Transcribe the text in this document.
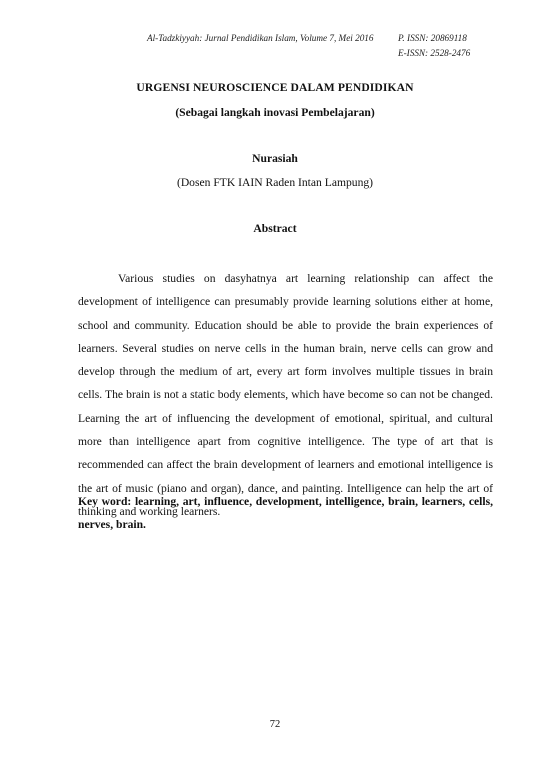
Al-Tadzkiyyah: Jurnal Pendidikan Islam, Volume 7, Mei 2016	P. ISSN: 20869118
E-ISSN: 2528-2476
URGENSI NEUROSCIENCE DALAM PENDIDIKAN
(Sebagai langkah inovasi Pembelajaran)
Nurasiah
(Dosen FTK IAIN Raden Intan Lampung)
Abstract

Various studies on dasyhatnya art learning relationship can affect the development of intelligence can presumably provide learning solutions either at home, school and community. Education should be able to provide the brain experiences of learners. Several studies on nerve cells in the human brain, nerve cells can grow and develop through the medium of art, every art form involves multiple tissues in brain cells. The brain is not a static body elements, which have become so can not be changed. Learning the art of influencing the development of emotional, spiritual, and cultural more than intelligence apart from cognitive intelligence. The type of art that is recommended can affect the brain development of learners and emotional intelligence is the art of music (piano and organ), dance, and painting. Intelligence can help the art of thinking and working learners.

Key word: learning, art, influence, development, intelligence, brain, learners, cells, nerves, brain.

72
